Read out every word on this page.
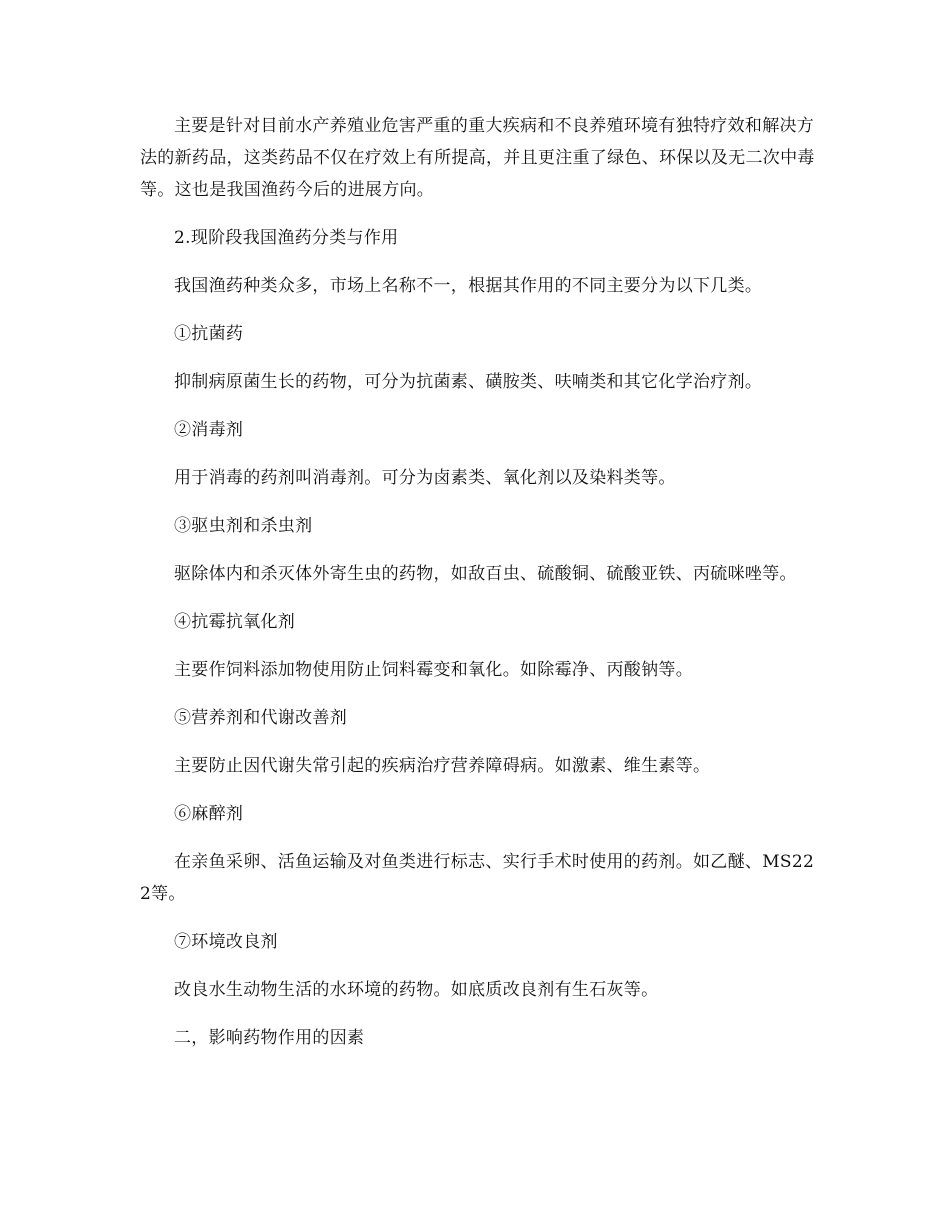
主要是针对目前水产养殖业危害严重的重大疾病和不良养殖环境有独特疗效和解决方法的新药品，这类药品不仅在疗效上有所提高，并且更注重了绿色、环保以及无二次中毒等。这也是我国渔药今后的进展方向。

2.现阶段我国渔药分类与作用

我国渔药种类众多，市场上名称不一，根据其作用的不同主要分为以下几类。

①抗菌药

抑制病原菌生长的药物，可分为抗菌素、磺胺类、呋喃类和其它化学治疗剂。

②消毒剂

用于消毒的药剂叫消毒剂。可分为卤素类、氧化剂以及染料类等。

③驱虫剂和杀虫剂

驱除体内和杀灭体外寄生虫的药物，如敌百虫、硫酸铜、硫酸亚铁、丙硫咪唑等。

④抗霉抗氧化剂

主要作饲料添加物使用防止饲料霉变和氧化。如除霉净、丙酸钠等。

⑤营养剂和代谢改善剂

主要防止因代谢失常引起的疾病治疗营养障碍病。如激素、维生素等。

⑥麻醉剂

在亲鱼采卵、活鱼运输及对鱼类进行标志、实行手术时使用的药剂。如乙醚、MS222等。

⑦环境改良剂

改良水生动物生活的水环境的药物。如底质改良剂有生石灰等。

二，影响药物作用的因素
